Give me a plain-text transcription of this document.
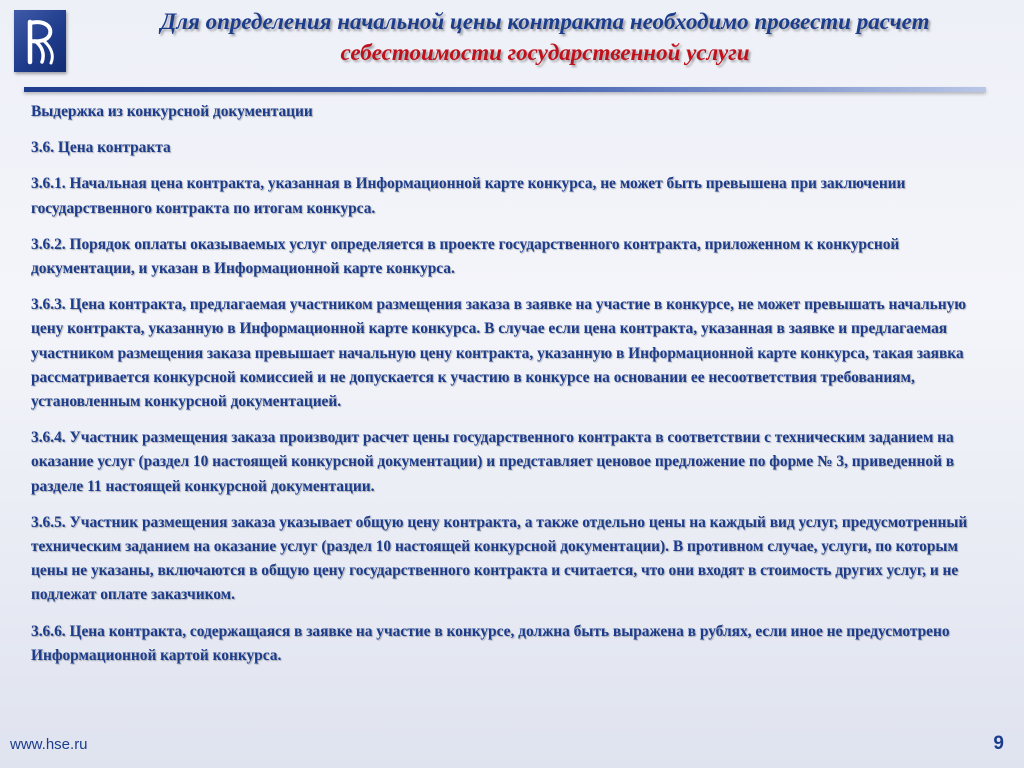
Для определения начальной цены контракта необходимо провести расчет
себестоимости государственной услуги

Выдержка из конкурсной документации

3.6. Цена контракта

3.6.1. Начальная цена контракта, указанная в Информационной карте конкурса, не может быть превышена при заключении государственного контракта по итогам конкурса.

3.6.2. Порядок оплаты оказываемых услуг определяется в проекте государственного контракта, приложенном к конкурсной документации, и указан в Информационной карте конкурса.

3.6.3. Цена контракта, предлагаемая участником размещения заказа в заявке на участие в конкурсе, не может превышать начальную цену контракта, указанную в Информационной карте конкурса. В случае если цена контракта, указанная в заявке и предлагаемая участником размещения заказа превышает начальную цену контракта, указанную в Информационной карте конкурса, такая заявка рассматривается конкурсной комиссией и не допускается к участию в конкурсе на основании ее несоответствия требованиям, установленным конкурсной документацией.

3.6.4. Участник размещения заказа производит расчет цены государственного контракта в соответствии с техническим заданием на оказание услуг (раздел 10 настоящей конкурсной документации) и представляет ценовое предложение по форме № 3, приведенной в разделе 11 настоящей конкурсной документации.

3.6.5. Участник размещения заказа указывает общую цену контракта, а также отдельно цены на каждый вид услуг, предусмотренный техническим заданием на оказание услуг (раздел 10 настоящей конкурсной документации). В противном случае, услуги, по которым цены не указаны, включаются в общую цену государственного контракта и считается, что они входят в стоимость других услуг, и не подлежат оплате заказчиком.

3.6.6. Цена контракта, содержащаяся в заявке на участие в конкурсе, должна быть выражена в рублях, если иное не предусмотрено Информационной картой конкурса.

www.hse.ru	9
